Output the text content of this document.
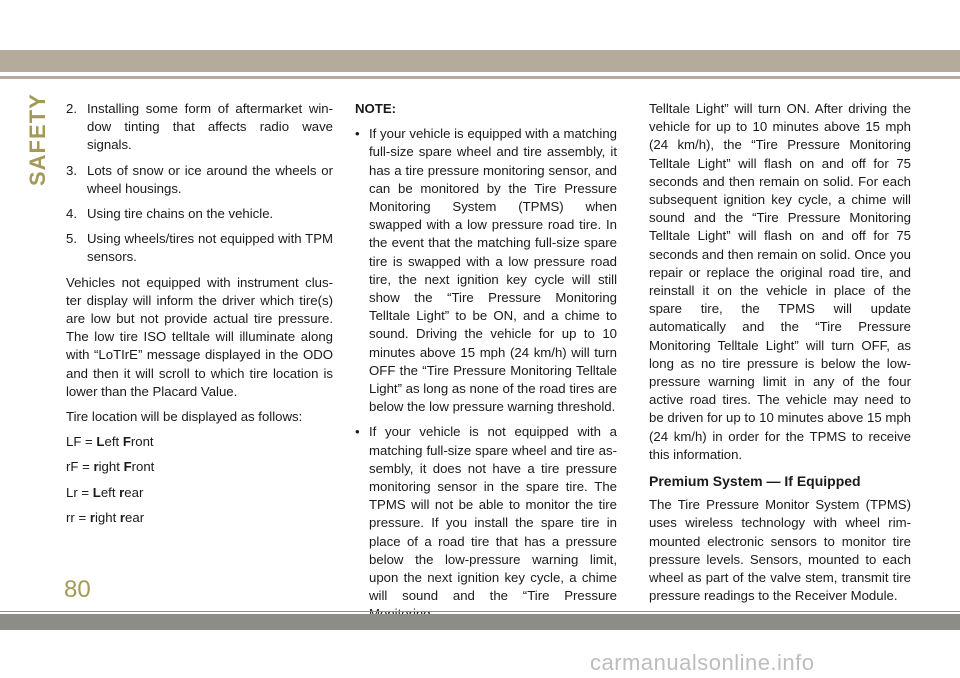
SAFETY	2. Installing some form of aftermarket win- dow tinting that affects radio wave signals.
3. Lots of snow or ice around the wheels or wheel housings.
4. Using tire chains on the vehicle.
5. Using wheels/tires not equipped with TPM sensors.

Vehicles not equipped with instrument clus- ter display will inform the driver which tire(s) are low but not provide actual tire pressure. The low tire ISO telltale will illuminate along with “LoTIrE” message displayed in the ODO and then it will scroll to which tire location is lower than the Placard Value.

Tire location will be displayed as follows:

LF = Left Front
rF = right Front
Lr = Left rear
rr = right rear
NOTE:
• If your vehicle is equipped with a matching full-size spare wheel and tire assembly, it has a tire pressure monitoring sensor, and can be monitored by the Tire Pressure Monitoring System (TPMS) when swapped with a low pressure road tire. In the event that the matching full-size spare tire is swapped with a low pressure road tire, the next ignition key cycle will still show the “Tire Pressure Monitoring Telltale Light” to be ON, and a chime to sound. Driving the vehicle for up to 10 minutes above 15 mph (24 km/h) will turn OFF the “Tire Pressure Monitoring Telltale Light” as long as none of the road tires are below the low pressure warning threshold.
• If your vehicle is not equipped with a matching full-size spare wheel and tire as- sembly, it does not have a tire pressure monitoring sensor in the spare tire. The TPMS will not be able to monitor the tire pressure. If you install the spare tire in place of a road tire that has a pressure below the low-pressure warning limit, upon the next ignition key cycle, a chime will sound and the “Tire Pressure

Telltale Light” will turn ON. After driving the vehicle for up to 10 minutes above 15 mph (24 km/h), the “Tire Pressure Monitoring Telltale Light” will flash on and off for 75 seconds and then remain on solid. For each subsequent ignition key cycle, a chime will sound and the “Tire Pressure Monitoring Telltale Light” will flash on and off for 75 seconds and then remain on solid. Once you repair or replace the original road tire, and reinstall it on the vehicle in place of the spare tire, the TPMS will update automatically and the “Tire Pressure Monitoring Telltale Light” will turn OFF, as long as no tire pressure is below the low-pressure warning limit in any of the four active road tires. The vehicle may need to be driven for up to 10 minutes above 15 mph (24 km/h) in order for the TPMS to receive this information.

Premium System — If Equipped

The Tire Pressure Monitor System (TPMS) uses wireless technology with wheel rim- mounted electronic sensors to monitor tire pressure levels. Sensors, mounted to each wheel as part of the valve stem, transmit tire pressure readings to the Receiver Module.

80
carmanualsonline.info
